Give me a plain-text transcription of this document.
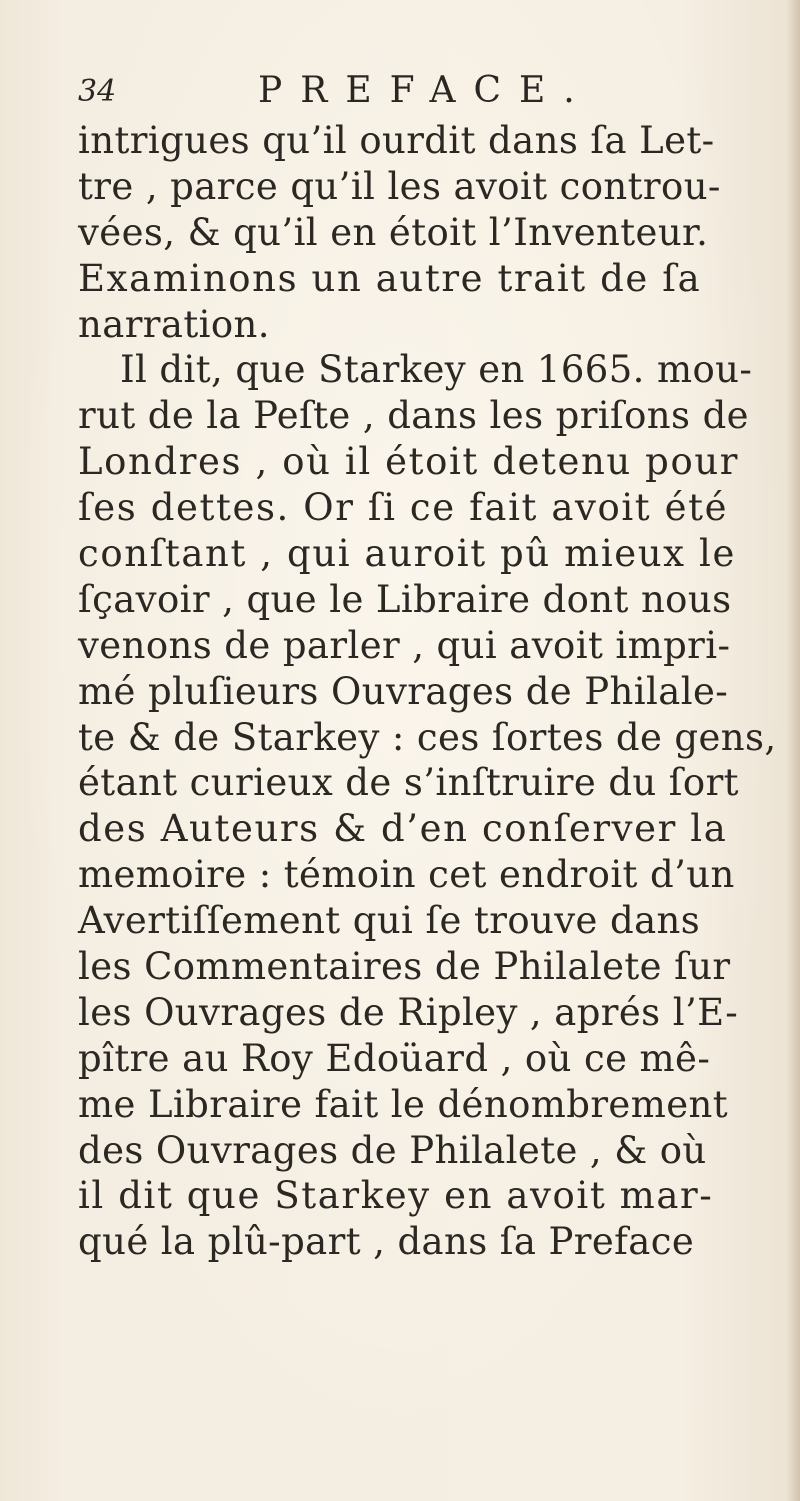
34	PREFACE.
intrigues qu’il ourdit dans ſa Let-
tre , parce qu’il les avoit controu-
vées, & qu’il en étoit l’Inventeur.
Examinons un autre trait de ſa
narration.
Il dit, que Starkey en 1665. mou-
rut de la Peſte , dans les priſons de
Londres , où il étoit detenu pour
ſes dettes. Or ſi ce fait avoit été
conſtant , qui auroit pû mieux le
ſçavoir , que le Libraire dont nous
venons de parler , qui avoit impri-
mé pluſieurs Ouvrages de Philale-
te & de Starkey : ces ſortes de gens,
étant curieux de s’inſtruire du ſort
des Auteurs & d’en conſerver la
memoire : témoin cet endroit d’un
Avertiſſement qui ſe trouve dans
les Commentaires de Philalete ſur
les Ouvrages de Ripley , aprés l’E-
pître au Roy Edoüard , où ce mê-
me Libraire fait le dénombrement
des Ouvrages de Philalete , & où
il dit que Starkey en avoit mar-
qué la plû-part , dans ſa Preface
